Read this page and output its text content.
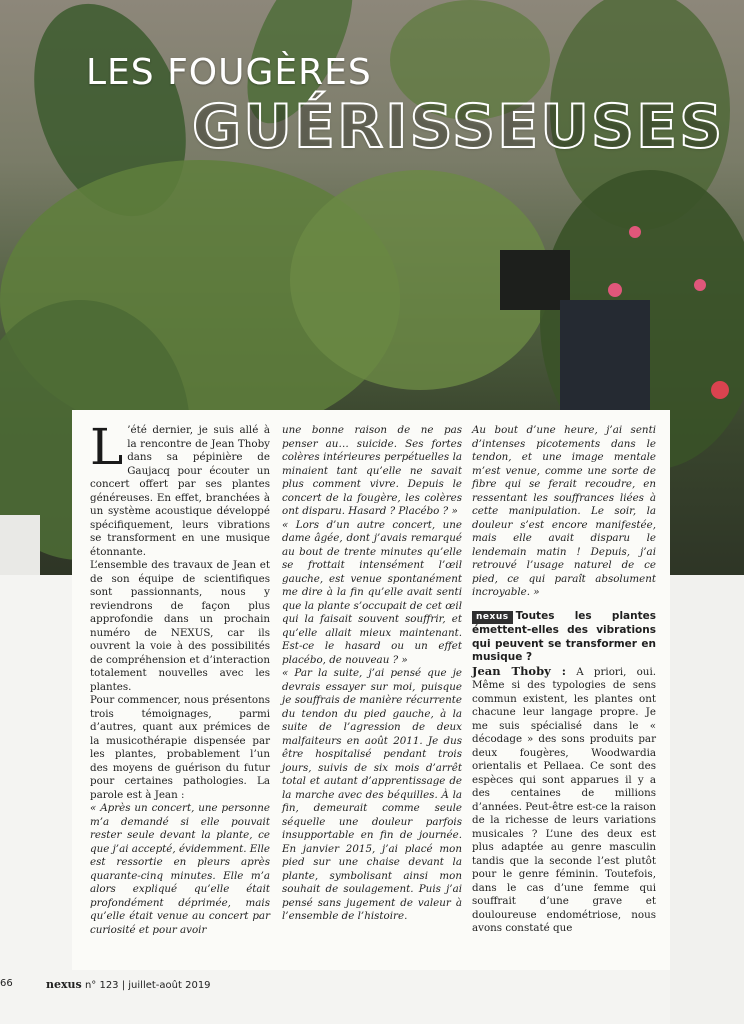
LES FOUGÈRES
GUÉRISSEUSES

L ’été dernier, je suis allé à la rencontre de Jean Thoby dans sa pépinière de Gaujacq pour écouter un concert offert par ses plantes généreuses. En effet, branchées à un système acoustique développé spécifiquement, leurs vibrations se transforment en une musique étonnante.

L’ensemble des travaux de Jean et de son équipe de scientifiques sont passionnants, nous y reviendrons de façon plus approfondie dans un prochain numéro de NEXUS, car ils ouvrent la voie à des possibilités de compréhension et d’interaction totalement nouvelles avec les plantes.

Pour commencer, nous présentons trois témoignages, parmi d’autres, quant aux prémices de la musicothérapie dispensée par les plantes, probablement l’un des moyens de guérison du futur pour certaines pathologies. La parole est à Jean :

« Après un concert, une personne m’a demandé si elle pouvait rester seule devant la plante, ce que j’ai accepté, évidemment. Elle est ressortie en pleurs après quarante-cinq minutes. Elle m’a alors expliqué qu’elle était profondément déprimée, mais qu’elle était venue au concert par curiosité et pour avoir

une bonne raison de ne pas penser au… suicide. Ses fortes colères intérieures perpétuelles la minaient tant qu’elle ne savait plus comment vivre. Depuis le concert de la fougère, les colères ont disparu. Hasard ? Placébo ? »

« Lors d’un autre concert, une dame âgée, dont j’avais remarqué au bout de trente minutes qu’elle se frottait intensément l’œil gauche, est venue spontanément me dire à la fin qu’elle avait senti que la plante s’occupait de cet œil qui la faisait souvent souffrir, et qu’elle allait mieux maintenant. Est-ce le hasard ou un effet placébo, de nouveau ? »

« Par la suite, j’ai pensé que je devrais essayer sur moi, puisque je souffrais de manière récurrente du tendon du pied gauche, à la suite de l’agression de deux malfaiteurs en août 2011. Je dus être hospitalisé pendant trois jours, suivis de six mois d’arrêt total et autant d’apprentissage de la marche avec des béquilles. À la fin, demeurait comme seule séquelle une douleur parfois insupportable en fin de journée. En janvier 2015, j’ai placé mon pied sur une chaise devant la plante, symbolisant ainsi mon souhait de soulagement. Puis j’ai pensé sans jugement de valeur à l’ensemble de l’histoire.

Au bout d’une heure, j’ai senti d’intenses picotements dans le tendon, et une image mentale m’est venue, comme une sorte de fibre qui se ferait recoudre, en ressentant les souffrances liées à cette manipulation. Le soir, la douleur s’est encore manifestée, mais elle avait disparu le lendemain matin ! Depuis, j’ai retrouvé l’usage naturel de ce pied, ce qui paraît absolument incroyable. »

nexus Toutes les plantes émettent-elles des vibrations qui peuvent se transformer en musique ?

Jean Thoby : A priori, oui. Même si des typologies de sens commun existent, les plantes ont chacune leur langage propre. Je me suis spécialisé dans le « décodage » des sons produits par deux fougères, Woodwardia orientalis et Pellaea. Ce sont des espèces qui sont apparues il y a des centaines de millions d’années. Peut-être est-ce la raison de la richesse de leurs variations musicales ? L’une des deux est plus adaptée au genre masculin tandis que la seconde l’est plutôt pour le genre féminin. Toutefois, dans le cas d’une femme qui souffrait d’une grave et douloureuse endométriose, nous avons constaté que

66	nexus n° 123 | juillet-août 2019
